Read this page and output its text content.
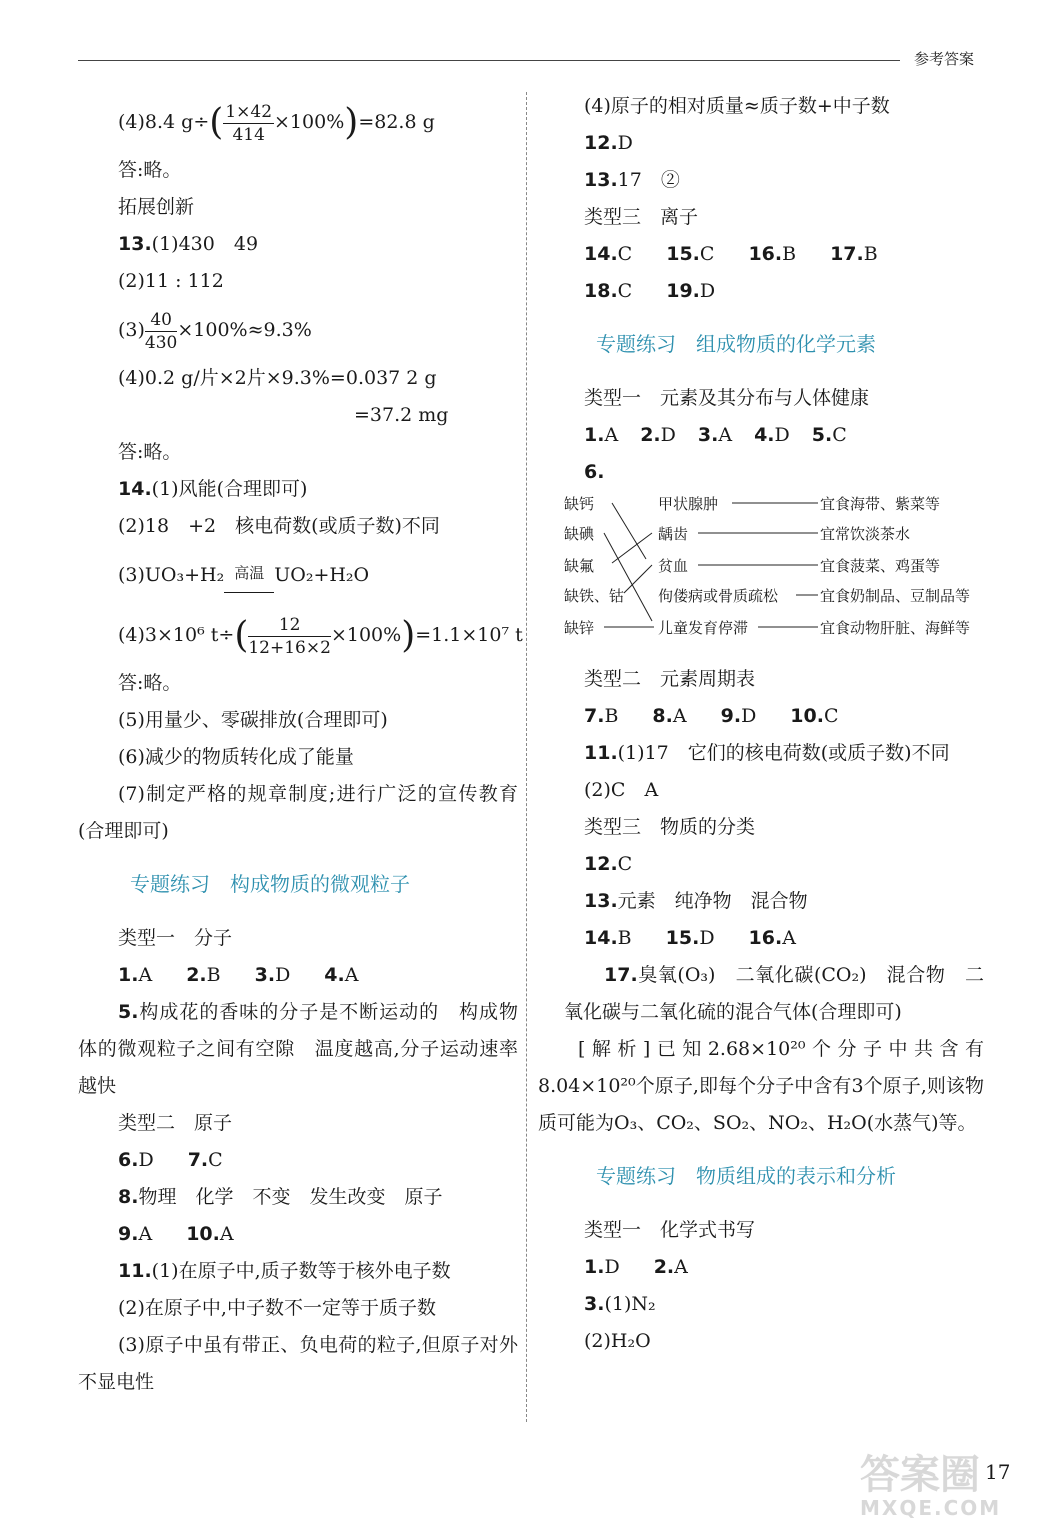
参考答案
(4)8.4 $g\div( \frac{1\times 42}{414} \times 100\%)=82.8$ g
答:略。
拓展创新
13.(1)430　49
(2)11 : 112
$(3) \frac{40}{430} \times 100\%\approx 9.3\%$
(4)0.2 g/片×2片×9.3%=0.037 2 g
=37.2 mg
答:略。
14.(1)风能(合理即可)
(2)18　+2　核电荷数(或质子数)不同
(3)UO₃+H₂ 高温 UO₂+H₂O
(4)3×10⁶ $t\div( \frac{12}{12+16\times 2} \times 100\%)=1.1\times 10^7$ t
答:略。
(5)用量少、零碳排放(合理即可)
(6)减少的物质转化成了能量
(7)制定严格的规章制度;进行广泛的宣传教育(合理即可)
专题练习　构成物质的微观粒子
类型一　分子
1.A 2.B 3.D 4.A
5.构成花的香味的分子是不断运动的　构成物体的微观粒子之间有空隙　温度越高,分子运动速率越快
类型二　原子
6.D 7.C
8.物理　化学　不变　发生改变　原子
9.A 10.A
11.(1)在原子中,质子数等于核外电子数
(2)在原子中,中子数不一定等于质子数
(3)原子中虽有带正、负电荷的粒子,但原子对外不显电性
(4)原子的相对质量≈质子数+中子数
12.D
13.17　②
类型三　离子
14.C 15.C 16.B 17.B
18.C 19.D
专题练习　组成物质的化学元素
类型一　元素及其分布与人体健康
1.A 2.D 3.A 4.D 5.C
6.
缺钙
缺碘
缺氟
缺铁、钴
缺锌
甲状腺肿
龋齿
贫血
佝偻病或骨质疏松
儿童发育停滞
宜食海带、紫菜等
宜常饮淡茶水
宜食菠菜、鸡蛋等
宜食奶制品、豆制品等
宜食动物肝脏、海鲜等
类型二　元素周期表
7.B 8.A 9.D 10.C
11.(1)17　它们的核电荷数(或质子数)不同
(2)C　A
类型三　物质的分类
12.C
13.元素　纯净物　混合物
14.B 15.D 16.A
17.臭氧(O₃)　二氧化碳(CO₂)　混合物　二氧化碳与二氧化硫的混合气体(合理即可)
[解析]已知2.68×10²⁰个分子中共含有8.04×10²⁰个原子,即每个分子中含有3个原子,则该物质可能为O₃、CO₂、SO₂、NO₂、H₂O(水蒸气)等。
专题练习　物质组成的表示和分析
类型一　化学式书写
1.D 2.A
3.(1)N₂
(2)H₂O
答案圈
MXQE.COM
17
